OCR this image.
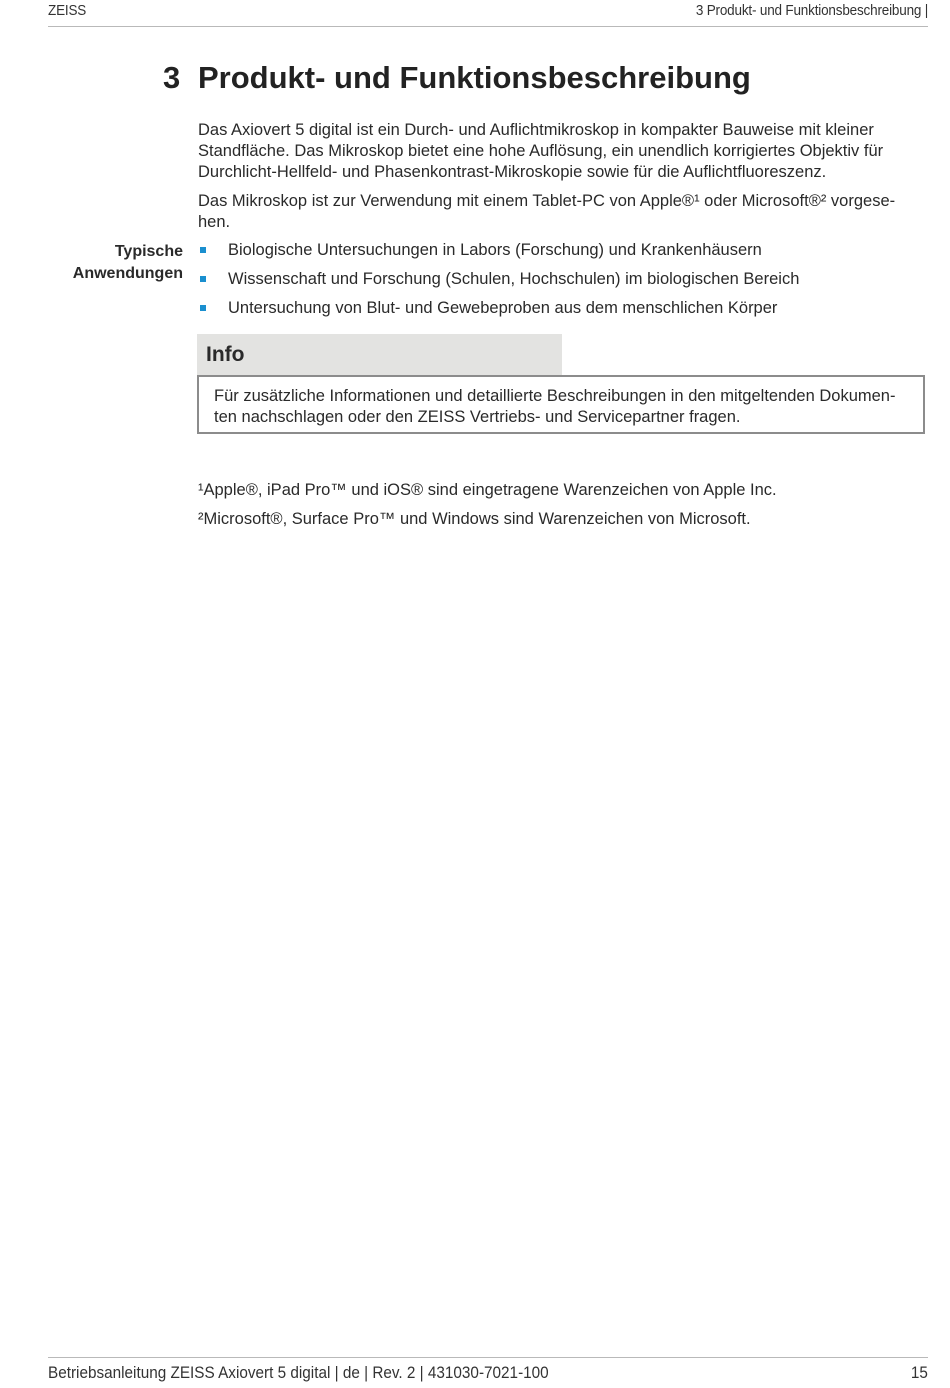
ZEISS	3 Produkt- und Funktionsbeschreibung |
3 Produkt- und Funktionsbeschreibung
Das Axiovert 5 digital ist ein Durch- und Auflichtmikroskop in kompakter Bauweise mit kleiner Standfläche. Das Mikroskop bietet eine hohe Auflösung, ein unendlich korrigiertes Objektiv für Durchlicht-Hellfeld- und Phasenkontrast-Mikroskopie sowie für die Auflichtfluoreszenz.
Das Mikroskop ist zur Verwendung mit einem Tablet-PC von Apple®¹ oder Microsoft®² vorgese-hen.
Typische
Anwendungen
Biologische Untersuchungen in Labors (Forschung) und Krankenhäusern
Wissenschaft und Forschung (Schulen, Hochschulen) im biologischen Bereich
Untersuchung von Blut- und Gewebeproben aus dem menschlichen Körper
Info
Für zusätzliche Informationen und detaillierte Beschreibungen in den mitgeltenden Dokumen-ten nachschlagen oder den ZEISS Vertriebs- und Servicepartner fragen.
¹Apple®, iPad Pro™ und iOS® sind eingetragene Warenzeichen von Apple Inc.
²Microsoft®, Surface Pro™ und Windows sind Warenzeichen von Microsoft.
Betriebsanleitung ZEISS Axiovert 5 digital | de | Rev. 2 | 431030-7021-100	15
